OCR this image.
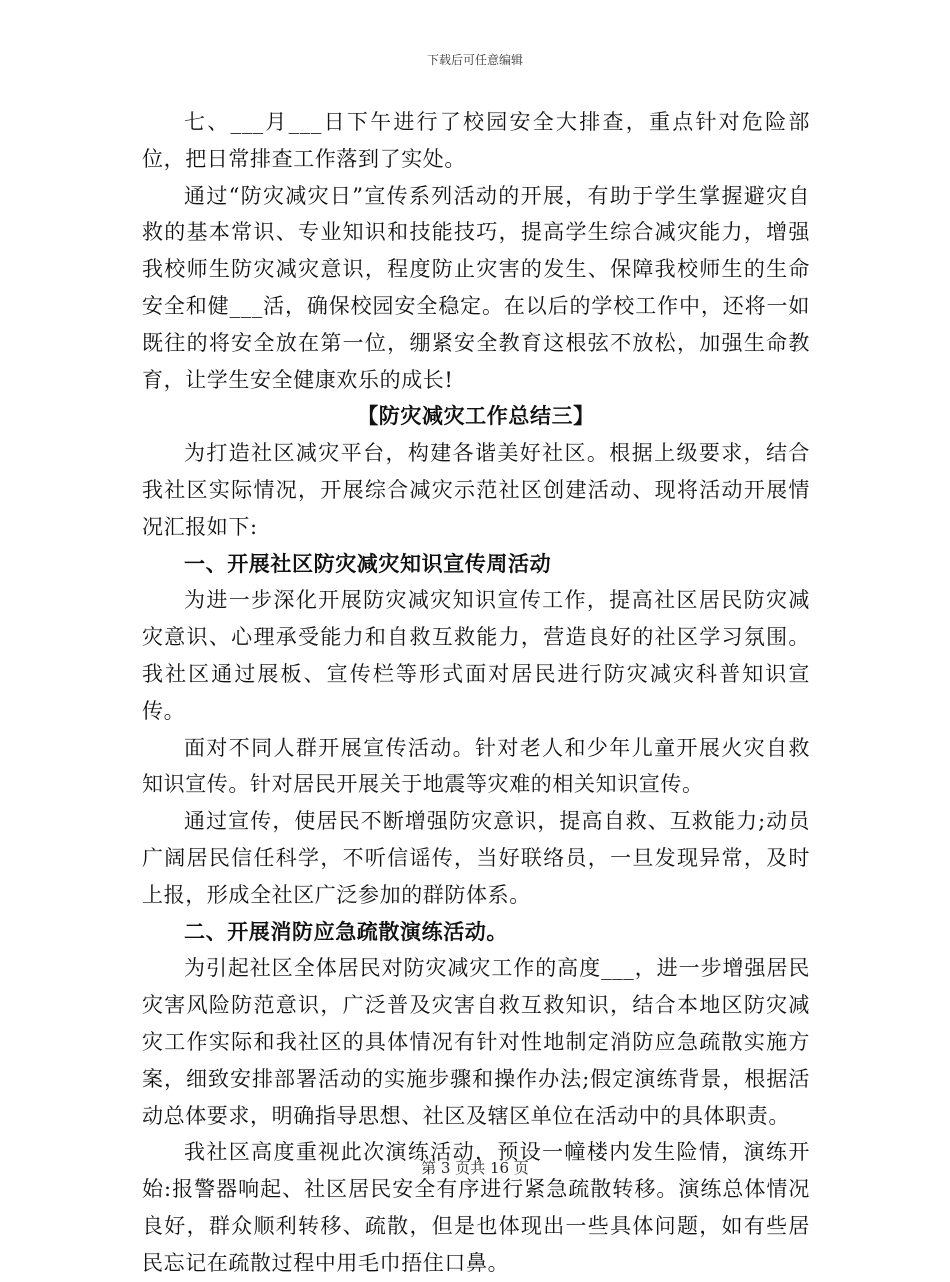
下载后可任意编辑

七、___月___日下午进行了校园安全大排查，重点针对危险部位，把日常排查工作落到了实处。

通过“防灾减灾日”宣传系列活动的开展，有助于学生掌握避灾自救的基本常识、专业知识和技能技巧，提高学生综合减灾能力，增强我校师生防灾减灾意识，程度防止灾害的发生、保障我校师生的生命安全和健___活，确保校园安全稳定。在以后的学校工作中，还将一如既往的将安全放在第一位，绷紧安全教育这根弦不放松，加强生命教育，让学生安全健康欢乐的成长!

【防灾减灾工作总结三】

为打造社区减灾平台，构建各谐美好社区。根据上级要求，结合我社区实际情况，开展综合减灾示范社区创建活动、现将活动开展情况汇报如下:

一、开展社区防灾减灾知识宣传周活动

为进一步深化开展防灾减灾知识宣传工作，提高社区居民防灾减灾意识、心理承受能力和自救互救能力，营造良好的社区学习氛围。我社区通过展板、宣传栏等形式面对居民进行防灾减灾科普知识宣传。

面对不同人群开展宣传活动。针对老人和少年儿童开展火灾自救知识宣传。针对居民开展关于地震等灾难的相关知识宣传。

通过宣传，使居民不断增强防灾意识，提高自救、互救能力;动员广阔居民信任科学，不听信谣传，当好联络员，一旦发现异常，及时上报，形成全社区广泛参加的群防体系。

二、开展消防应急疏散演练活动。

为引起社区全体居民对防灾减灾工作的高度___，进一步增强居民灾害风险防范意识，广泛普及灾害自救互救知识，结合本地区防灾减灾工作实际和我社区的具体情况有针对性地制定消防应急疏散实施方案，细致安排部署活动的实施步骤和操作办法;假定演练背景，根据活动总体要求，明确指导思想、社区及辖区单位在活动中的具体职责。

我社区高度重视此次演练活动，预设一幢楼内发生险情，演练开始:报警器响起、社区居民安全有序进行紧急疏散转移。演练总体情况良好，群众顺利转移、疏散，但是也体现出一些具体问题，如有些居民忘记在疏散过程中用毛巾捂住口鼻。

第 3 页共 16 页
